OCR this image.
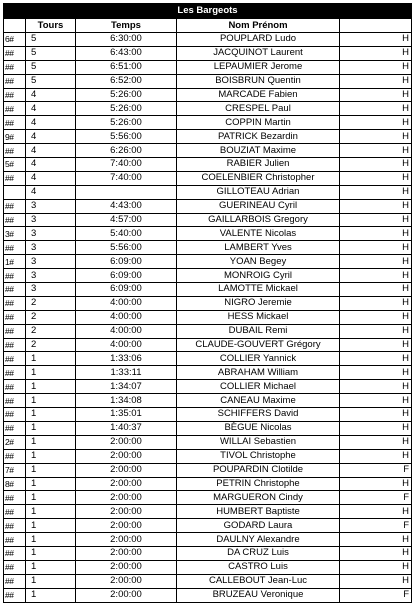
Les Bargeots				
	Tours	Temps	Nom Prénom	
6#	5	6:30:00	POUPLARD Ludo	H
##	5	6:43:00	JACQUINOT Laurent	H
##	5	6:51:00	LEPAUMIER Jerome	H
##	5	6:52:00	BOISBRUN Quentin	H
##	4	5:26:00	MARCADE Fabien	H
##	4	5:26:00	CRESPEL Paul	H
##	4	5:26:00	COPPIN Martin	H
9#	4	5:56:00	PATRICK Bezardin	H
##	4	6:26:00	BOUZIAT Maxime	H
5#	4	7:40:00	RABIER Julien	H
##	4	7:40:00	COELENBIER Christopher	H
	4		GILLOTEAU Adrian	H
##	3	4:43:00	GUERINEAU Cyril	H
##	3	4:57:00	GAILLARBOIS Gregory	H
3#	3	5:40:00	VALENTE Nicolas	H
##	3	5:56:00	LAMBERT Yves	H
1#	3	6:09:00	YOAN Begey	H
##	3	6:09:00	MONROIG Cyril	H
##	3	6:09:00	LAMOTTE Mickael	H
##	2	4:00:00	NIGRO Jeremie	H
##	2	4:00:00	HESS Mickael	H
##	2	4:00:00	DUBAIL Remi	H
##	2	4:00:00	CLAUDE-GOUVERT Grégory	H
##	1	1:33:06	COLLIER Yannick	H
##	1	1:33:11	ABRAHAM William	H
##	1	1:34:07	COLLIER Michael	H
##	1	1:34:08	CANEAU Maxime	H
##	1	1:35:01	SCHIFFERS David	H
##	1	1:40:37	BÈGUE Nicolas	H
2#	1	2:00:00	WILLAI Sebastien	H
##	1	2:00:00	TIVOL Christophe	H
7#	1	2:00:00	POUPARDIN Clotilde	F
8#	1	2:00:00	PETRIN Christophe	H
##	1	2:00:00	MARGUERON Cindy	F
##	1	2:00:00	HUMBERT Baptiste	H
##	1	2:00:00	GODARD Laura	F
##	1	2:00:00	DAULNY Alexandre	H
##	1	2:00:00	DA CRUZ Luis	H
##	1	2:00:00	CASTRO Luis	H
##	1	2:00:00	CALLEBOUT Jean-Luc	H
##	1	2:00:00	BRUZEAU Veronique	F
